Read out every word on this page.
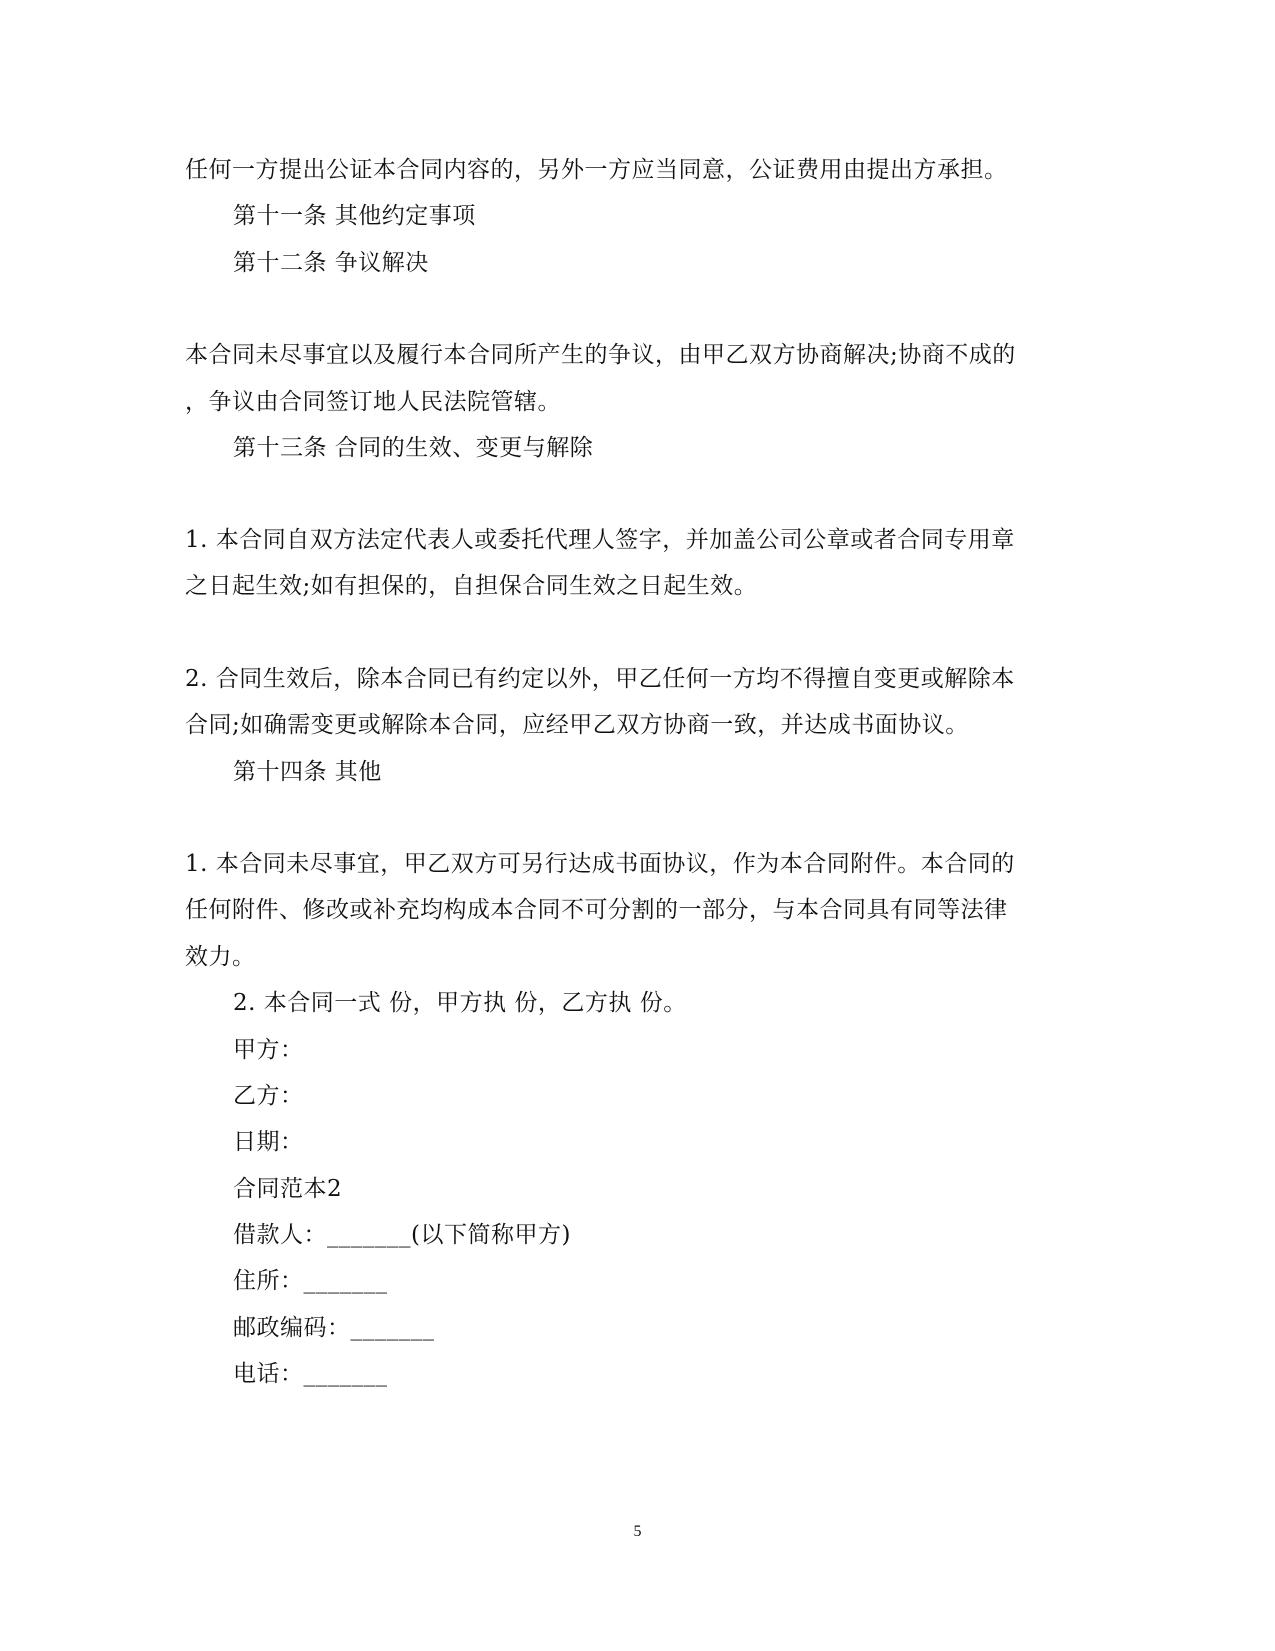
任何一方提出公证本合同内容的，另外一方应当同意，公证费用由提出方承担。
第十一条 其他约定事项
第十二条 争议解决
本合同未尽事宜以及履行本合同所产生的争议，由甲乙双方协商解决;协商不成的
，争议由合同签订地人民法院管辖。
第十三条 合同的生效、变更与解除
1. 本合同自双方法定代表人或委托代理人签字，并加盖公司公章或者合同专用章
之日起生效;如有担保的，自担保合同生效之日起生效。
2. 合同生效后，除本合同已有约定以外，甲乙任何一方均不得擅自变更或解除本
合同;如确需变更或解除本合同，应经甲乙双方协商一致，并达成书面协议。
第十四条 其他
1. 本合同未尽事宜，甲乙双方可另行达成书面协议，作为本合同附件。本合同的
任何附件、修改或补充均构成本合同不可分割的一部分，与本合同具有同等法律
效力。
2. 本合同一式 份，甲方执 份，乙方执 份。
甲方：
乙方：
日期：
合同范本2
借款人：_______(以下简称甲方)
住所：_______
邮政编码：_______
电话：_______
5
